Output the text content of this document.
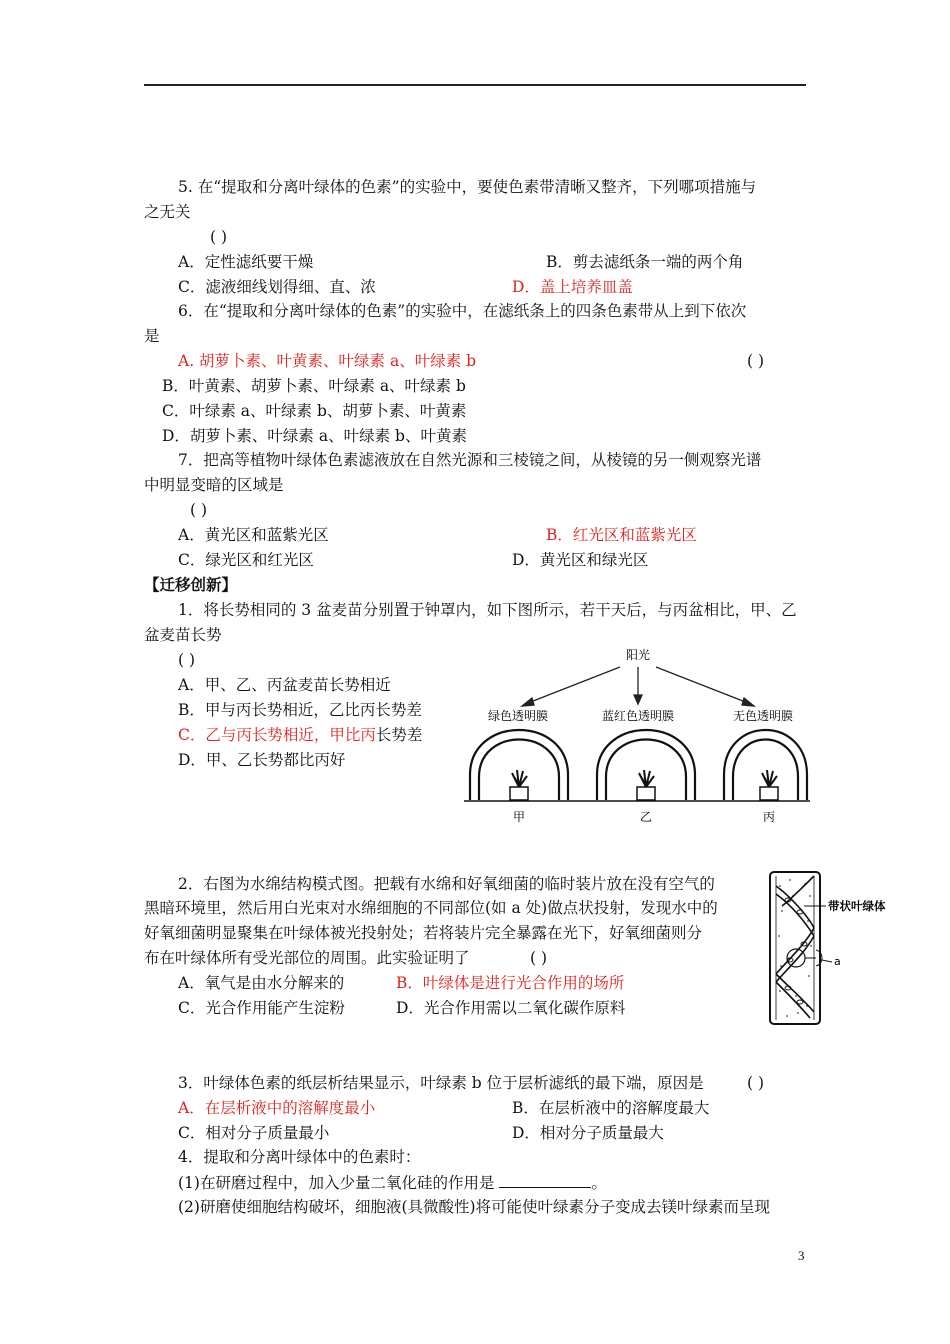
5. 在“提取和分离叶绿体的色素”的实验中，要使色素带清晰又整齐，下列哪项措施与
之无关
( )
A．定性滤纸要干燥	B．剪去滤纸条一端的两个角
C．滤液细线划得细、直、浓	D．盖上培养皿盖
6．在“提取和分离叶绿体的色素”的实验中，在滤纸条上的四条色素带从上到下依次
是
A. 胡萝卜素、叶黄素、叶绿素 a、叶绿素 b	( )
B．叶黄素、胡萝卜素、叶绿素 a、叶绿素 b
C．叶绿素 a、叶绿素 b、胡萝卜素、叶黄素
D．胡萝卜素、叶绿素 a、叶绿素 b、叶黄素
7．把高等植物叶绿体色素滤液放在自然光源和三棱镜之间，从棱镜的另一侧观察光谱
中明显变暗的区域是
( )
A．黄光区和蓝紫光区	B．红光区和蓝紫光区
C．绿光区和红光区	D．黄光区和绿光区
【迁移创新】
1．将长势相同的 3 盆麦苗分别置于钟罩内，如下图所示，若干天后，与丙盆相比，甲、乙
盆麦苗长势
( )
A．甲、乙、丙盆麦苗长势相近
B．甲与丙长势相近，乙比丙长势差
C．乙与丙长势相近，甲比丙长势差
D．甲、乙长势都比丙好
阳光
绿色透明膜	蓝红色透明膜	无色透明膜
甲	乙	丙
2．右图为水绵结构模式图。把载有水绵和好氧细菌的临时装片放在没有空气的
黑暗环境里，然后用白光束对水绵细胞的不同部位(如 a 处)做点状投射，发现水中的
好氧细菌明显聚集在叶绿体被光投射处；若将装片完全暴露在光下，好氧细菌则分
布在叶绿体所有受光部位的周围。此实验证明了	( )
A．氧气是由水分解来的	B．叶绿体是进行光合作用的场所
C．光合作用能产生淀粉	D．光合作用需以二氧化碳作原料
带状叶绿体
a
3．叶绿体色素的纸层析结果显示，叶绿素 b 位于层析滤纸的最下端，原因是	( )
A．在层析液中的溶解度最小	B．在层析液中的溶解度最大
C．相对分子质量最小	D．相对分子质量最大
4．提取和分离叶绿体中的色素时：
(1)在研磨过程中，加入少量二氧化硅的作用是	。
(2)研磨使细胞结构破坏，细胞液(具微酸性)将可能使叶绿素分子变成去镁叶绿素而呈现
3
